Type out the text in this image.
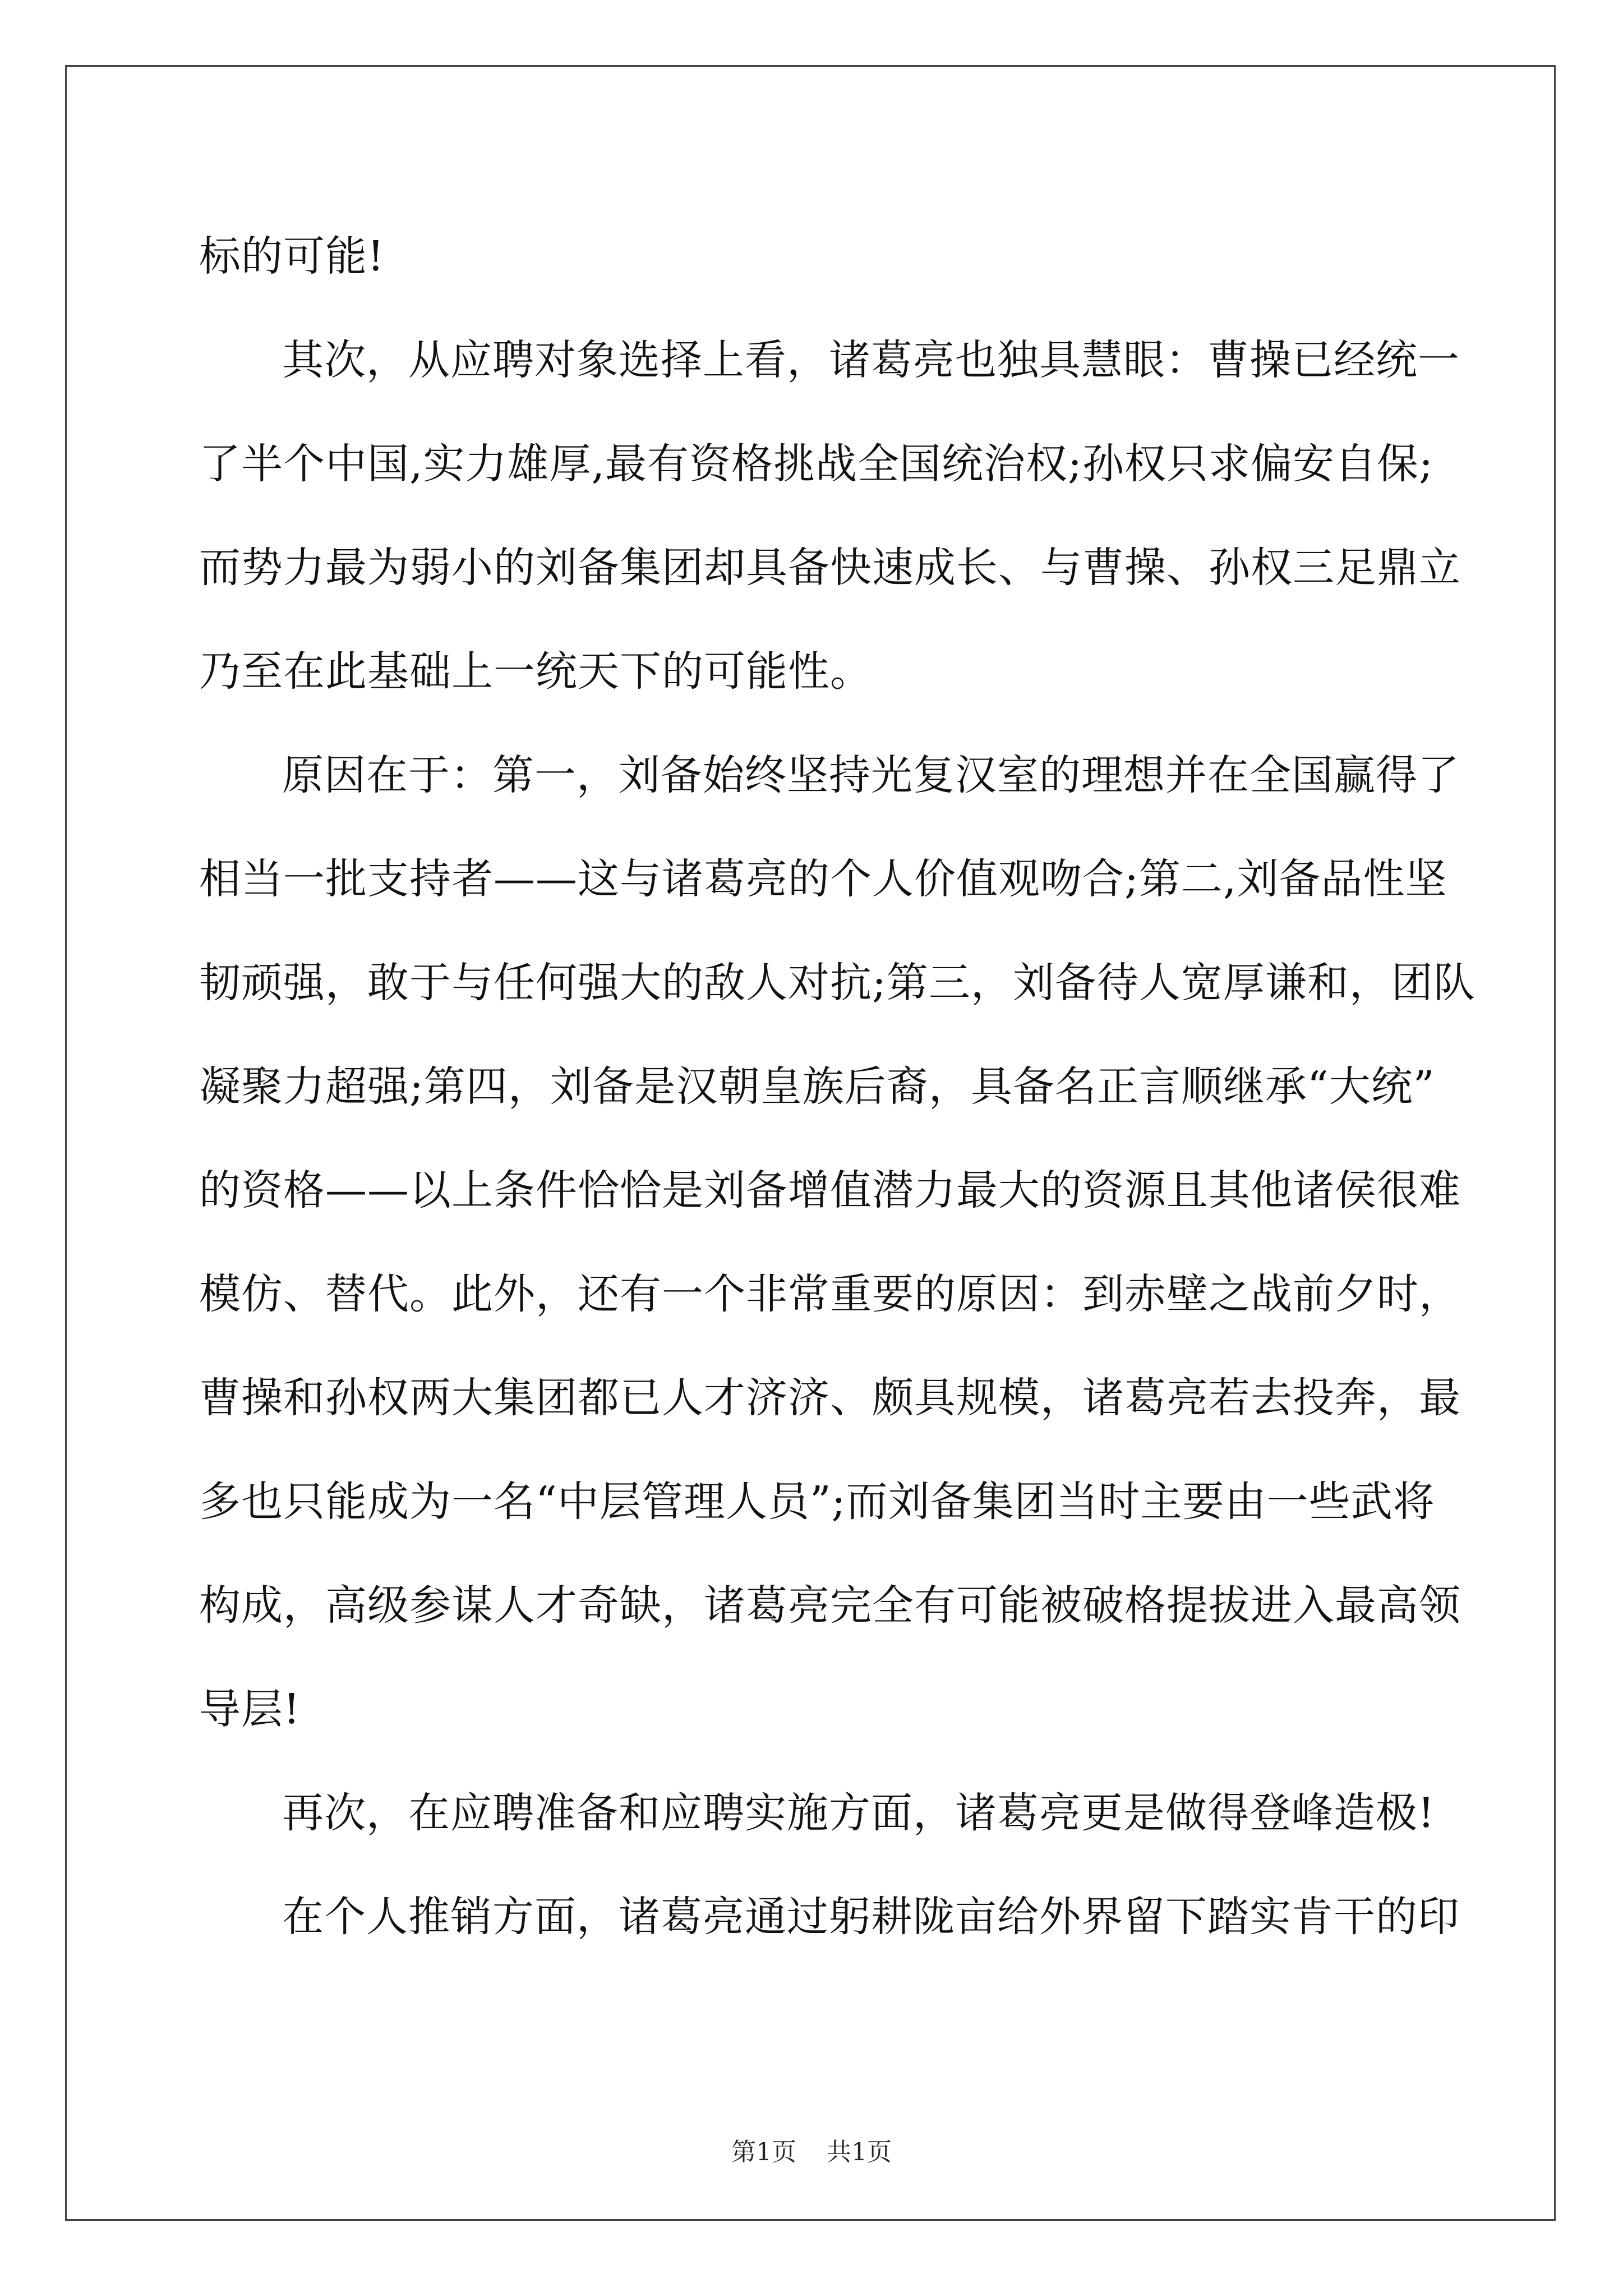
标的可能!
其次，从应聘对象选择上看，诸葛亮也独具慧眼：曹操已经统一
了半个中国,实力雄厚,最有资格挑战全国统治权;孙权只求偏安自保;
而势力最为弱小的刘备集团却具备快速成长、与曹操、孙权三足鼎立
乃至在此基础上一统天下的可能性。
原因在于：第一，刘备始终坚持光复汉室的理想并在全国赢得了
相当一批支持者——这与诸葛亮的个人价值观吻合;第二,刘备品性坚
韧顽强，敢于与任何强大的敌人对抗;第三，刘备待人宽厚谦和，团队
凝聚力超强;第四，刘备是汉朝皇族后裔，具备名正言顺继承“大统”
的资格——以上条件恰恰是刘备增值潜力最大的资源且其他诸侯很难
模仿、替代。此外，还有一个非常重要的原因：到赤壁之战前夕时，
曹操和孙权两大集团都已人才济济、颇具规模，诸葛亮若去投奔，最
多也只能成为一名“中层管理人员”;而刘备集团当时主要由一些武将
构成，高级参谋人才奇缺，诸葛亮完全有可能被破格提拔进入最高领
导层!
再次，在应聘准备和应聘实施方面，诸葛亮更是做得登峰造极!
在个人推销方面，诸葛亮通过躬耕陇亩给外界留下踏实肯干的印
第1页 共1页
